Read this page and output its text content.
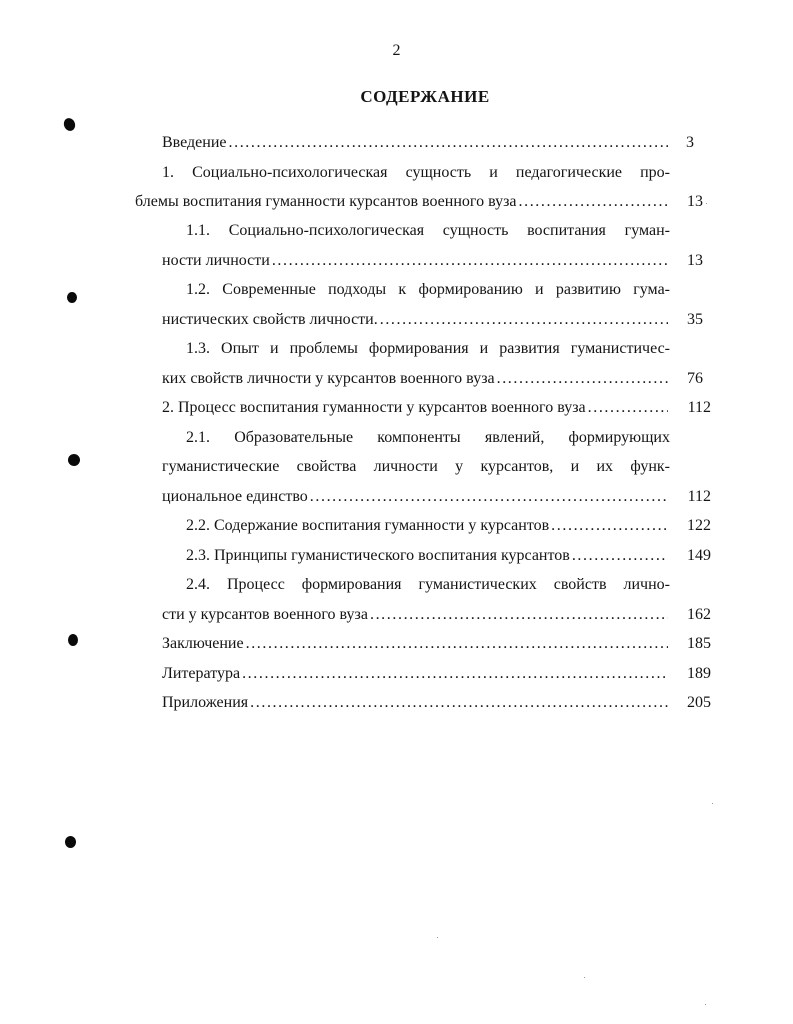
2
СОДЕРЖАНИЕ
Введение . . .	3
1. Социально-психологическая сущность и педагогические про-
блемы воспитания гуманности курсантов военного вуза . . .	13
1.1. Социально-психологическая сущность воспитания гуман-
ности личности . . .	13
1.2. Современные подходы к формированию и развитию гума-
нистических свойств личности. . . .	35
1.3. Опыт и проблемы формирования и развития гуманистичес-
ких свойств личности у курсантов военного вуза . . .	76
2. Процесс воспитания гуманности у курсантов военного вуза . . .	112
2.1. Образовательные компоненты явлений, формирующих
гуманистические свойства личности у курсантов, и их функ-
циональное единство . . .	112
2.2. Содержание воспитания гуманности у курсантов . . .	122
2.3. Принципы гуманистического воспитания курсантов . . .	149
2.4. Процесс формирования гуманистических свойств лично-
сти у курсантов военного вуза . . .	162
Заключение . . .	185
Литература . . .	189
Приложения . . .	205
